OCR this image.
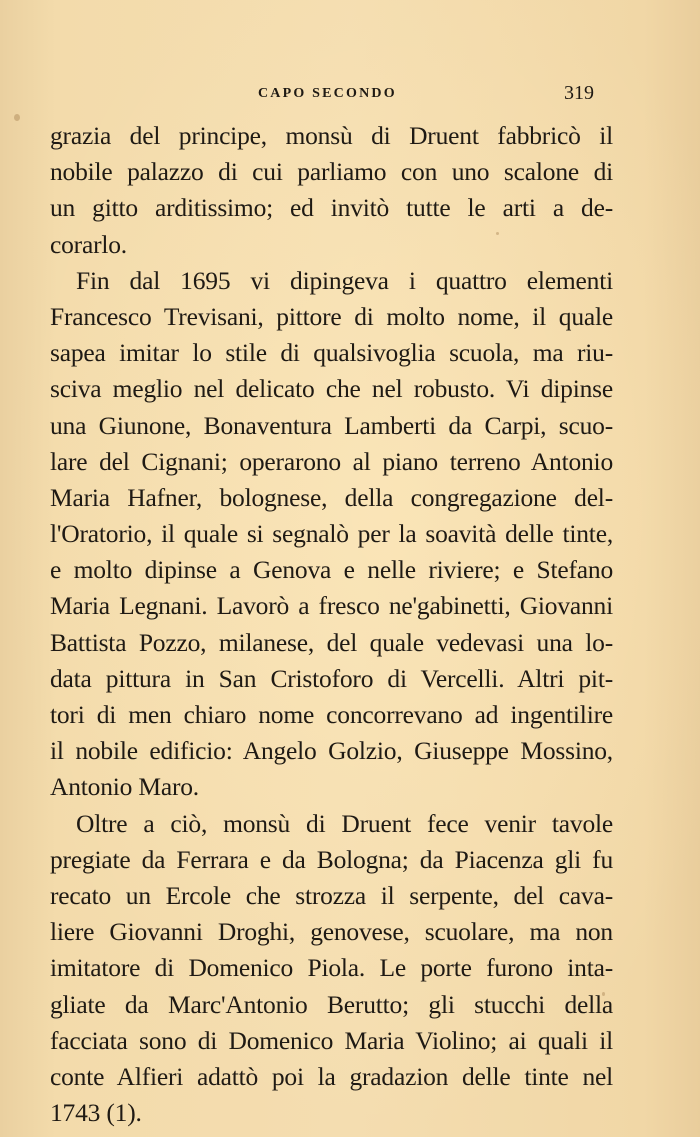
CAPO SECONDO	319
grazia del principe, monsù di Druent fabbricò il
nobile palazzo di cui parliamo con uno scalone di
un gitto arditissimo; ed invitò tutte le arti a de-
corarlo.
Fin dal 1695 vi dipingeva i quattro elementi
Francesco Trevisani, pittore di molto nome, il quale
sapea imitar lo stile di qualsivoglia scuola, ma riu-
sciva meglio nel delicato che nel robusto. Vi dipinse
una Giunone, Bonaventura Lamberti da Carpi, scuo-
lare del Cignani; operarono al piano terreno Antonio
Maria Hafner, bolognese, della congregazione del-
l'Oratorio, il quale si segnalò per la soavità delle tinte,
e molto dipinse a Genova e nelle riviere; e Stefano
Maria Legnani. Lavorò a fresco ne'gabinetti, Giovanni
Battista Pozzo, milanese, del quale vedevasi una lo-
data pittura in San Cristoforo di Vercelli. Altri pit-
tori di men chiaro nome concorrevano ad ingentilire
il nobile edificio: Angelo Golzio, Giuseppe Mossino,
Antonio Maro.
Oltre a ciò, monsù di Druent fece venir tavole
pregiate da Ferrara e da Bologna; da Piacenza gli fu
recato un Ercole che strozza il serpente, del cava-
liere Giovanni Droghi, genovese, scuolare, ma non
imitatore di Domenico Piola. Le porte furono inta-
gliate da Marc'Antonio Berutto; gli stucchi della
facciata sono di Domenico Maria Violino; ai quali il
conte Alfieri adattò poi la gradazion delle tinte nel
1743 (1).
